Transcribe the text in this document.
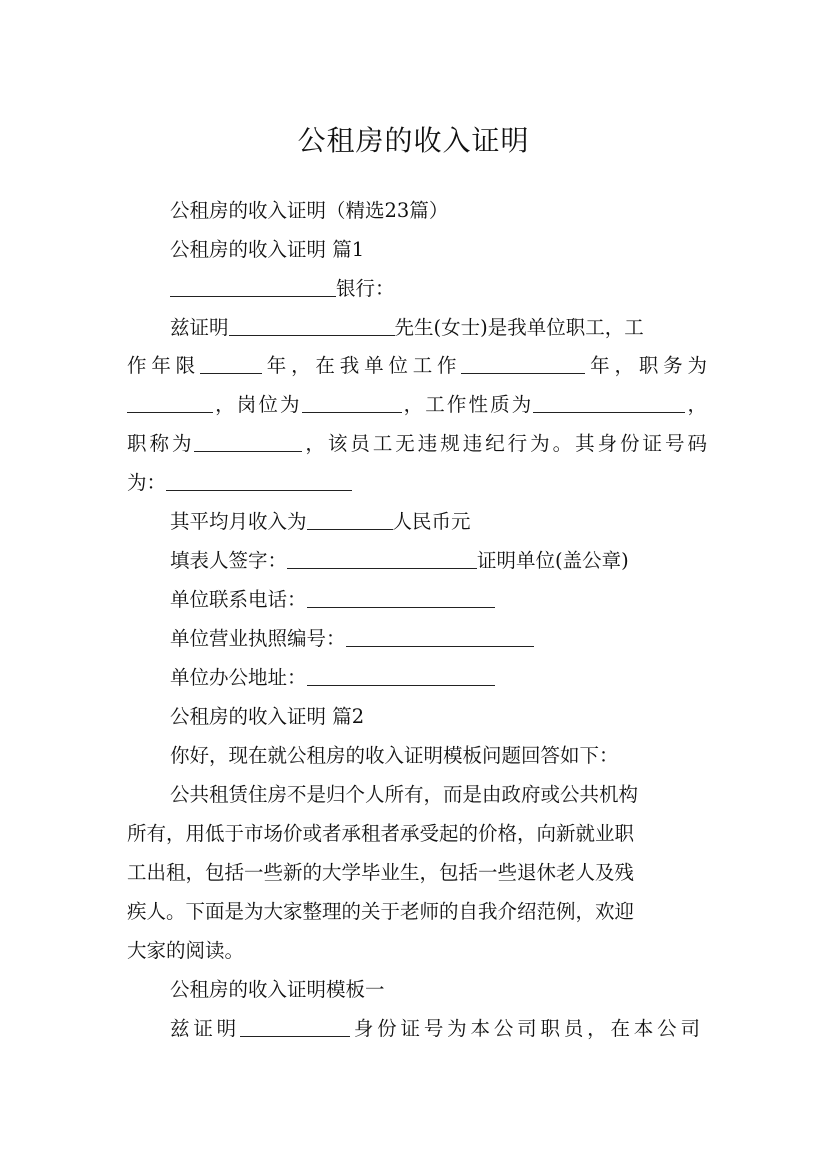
公租房的收入证明
公租房的收入证明（精选23篇）
公租房的收入证明 篇1
银行：
兹证明	先生(女士)是我单位职工，工
作年限	年，在我单位工作	年，职务为
，岗位为	，工作性质为	，
职称为	，该员工无违规违纪行为。其身份证号码
为：
其平均月收入为	人民币元
填表人签字：	证明单位(盖公章)
单位联系电话：
单位营业执照编号：
单位办公地址：
公租房的收入证明 篇2
你好，现在就公租房的收入证明模板问题回答如下：
公共租赁住房不是归个人所有，而是由政府或公共机构
所有，用低于市场价或者承租者承受起的价格，向新就业职
工出租，包括一些新的大学毕业生，包括一些退休老人及残
疾人。下面是为大家整理的关于老师的自我介绍范例，欢迎
大家的阅读。
公租房的收入证明模板一
兹证明	身份证号为本公司职员，在本公司
